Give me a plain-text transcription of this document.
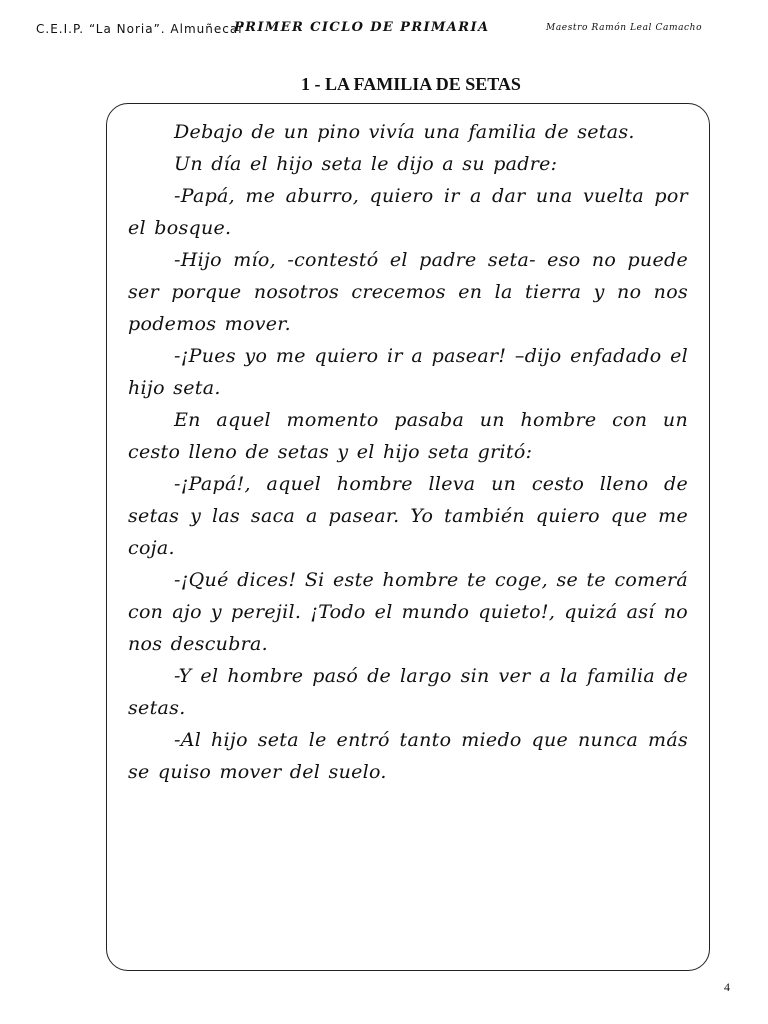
C.E.I.P. “La Noria”. Almuñecar
PRIMER CICLO DE PRIMARIA	Maestro Ramón Leal Camacho
1 - LA FAMILIA DE SETAS

Debajo de un pino vivía una familia de setas.

Un día el hijo seta le dijo a su padre:

-Papá, me aburro, quiero ir a dar una vuelta por el bosque.

-Hijo mío, -contestó el padre seta- eso no puede ser porque nosotros crecemos en la tierra y no nos podemos mover.

-¡Pues yo me quiero ir a pasear! –dijo enfadado el hijo seta.

En aquel momento pasaba un hombre con un cesto lleno de setas y el hijo seta gritó:

-¡Papá!, aquel hombre lleva un cesto lleno de setas y las saca a pasear. Yo también quiero que me coja.

-¡Qué dices! Si este hombre te coge, se te comerá con ajo y perejil. ¡Todo el mundo quieto!, quizá así no nos descubra.

-Y el hombre pasó de largo sin ver a la familia de setas.

-Al hijo seta le entró tanto miedo que nunca más se quiso mover del suelo.

4
